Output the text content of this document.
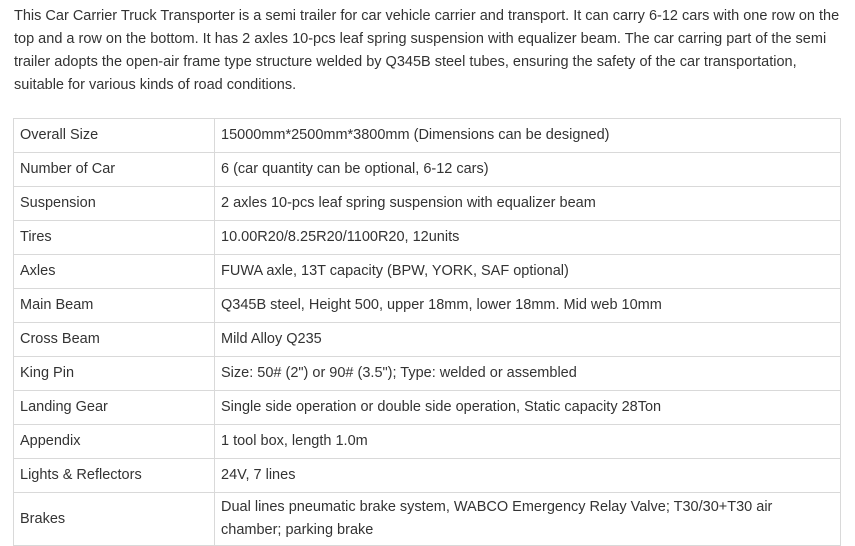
This Car Carrier Truck Transporter is a semi trailer for car vehicle carrier and transport. It can carry 6-12 cars with one row on the top and a row on the bottom. It has 2 axles 10-pcs leaf spring suspension with equalizer beam. The car carring part of the semi trailer adopts the open-air frame type structure welded by Q345B steel tubes, ensuring the safety of the car transportation, suitable for various kinds of road conditions.

Overall Size	15000mm*2500mm*3800mm (Dimensions can be designed)
Number of Car	6 (car quantity can be optional, 6-12 cars)
Suspension	2 axles 10-pcs leaf spring suspension with equalizer beam
Tires	10.00R20/8.25R20/1100R20, 12units
Axles	FUWA axle, 13T capacity (BPW, YORK, SAF optional)
Main Beam	Q345B steel, Height 500, upper 18mm, lower 18mm. Mid web 10mm
Cross Beam	Mild Alloy Q235
King Pin	Size: 50# (2") or 90# (3.5"); Type: welded or assembled
Landing Gear	Single side operation or double side operation, Static capacity 28Ton
Appendix	1 tool box, length 1.0m
Lights & Reflectors	24V, 7 lines
Brakes	Dual lines pneumatic brake system, WABCO Emergency Relay Valve; T30/30+T30 air chamber; parking brake
